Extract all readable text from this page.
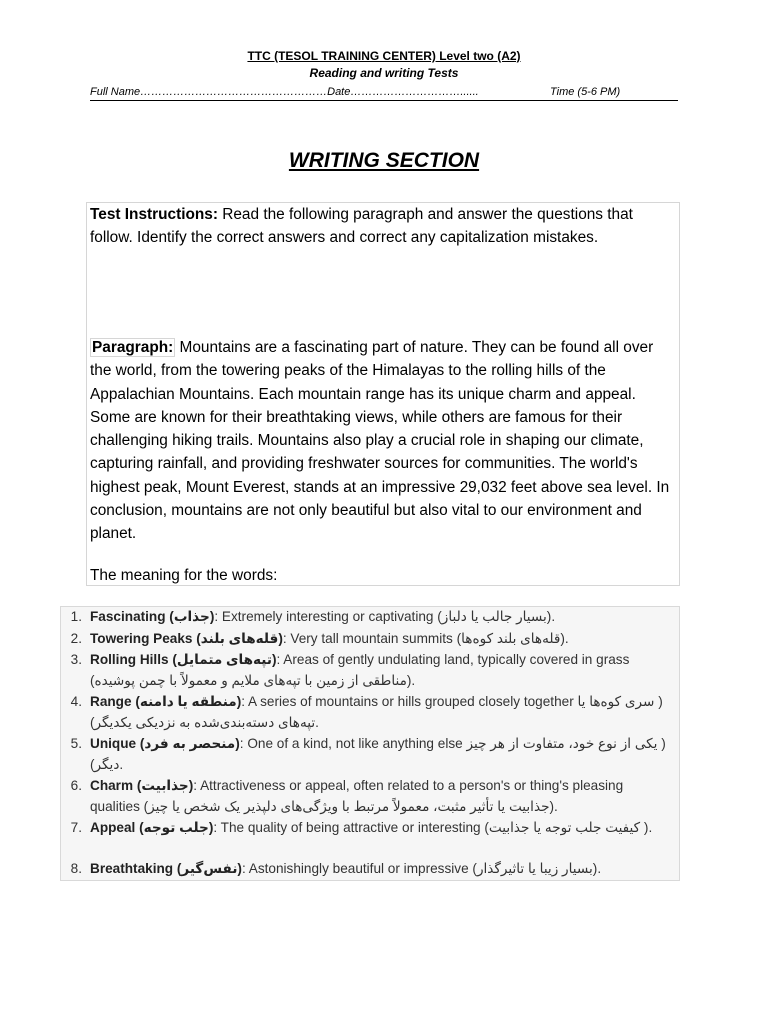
TTC (TESOL TRAINING CENTER) Level two (A2)
Reading and writing Tests
Full Name……………………………………………Date…………………………......	Time (5-6 PM)
WRITING SECTION

Test Instructions: Read the following paragraph and answer the questions that follow. Identify the correct answers and correct any capitalization mistakes.

Paragraph: Mountains are a fascinating part of nature. They can be found all over the world, from the towering peaks of the Himalayas to the rolling hills of the Appalachian Mountains. Each mountain range has its unique charm and appeal. Some are known for their breathtaking views, while others are famous for their challenging hiking trails. Mountains also play a crucial role in shaping our climate, capturing rainfall, and providing freshwater sources for communities. The world's highest peak, Mount Everest, stands at an impressive 29,032 feet above sea level. In conclusion, mountains are not only beautiful but also vital to our environment and planet.

The meaning for the words:

1. Fascinating (جذاب): Extremely interesting or captivating (بسیار جالب یا دلباز).
2. Towering Peaks (قله‌های بلند): Very tall mountain summits (قله‌های بلند کوه‌ها).
3. Rolling Hills (تپه‌های متمایل): Areas of gently undulating land, typically covered in grass (مناطقی از زمین با تپه‌های ملایم و معمولاً با چمن پوشیده).
4. Range (منطقه یا دامنه): A series of mountains or hills grouped closely together ( سری کوه‌ها یا تپه‌های دسته‌بندی‌شده به نزدیکی یکدیگر).
5. Unique (منحصر به فرد): One of a kind, not like anything else ( یکی از نوع خود، متفاوت از هر چیز دیگر).
6. Charm (جذابیت): Attractiveness or appeal, often related to a person's or thing's pleasing qualities (جذابیت یا تأثیر مثبت، معمولاً مرتبط با ویژگی‌های دلپذیر یک شخص یا چیز).
7. Appeal (جلب توجه): The quality of being attractive or interesting ( کیفیت جلب توجه یا جذابیت).
8. Breathtaking (نفس‌گیر): Astonishingly beautiful or impressive (بسیار زیبا یا تاثیرگذار).
